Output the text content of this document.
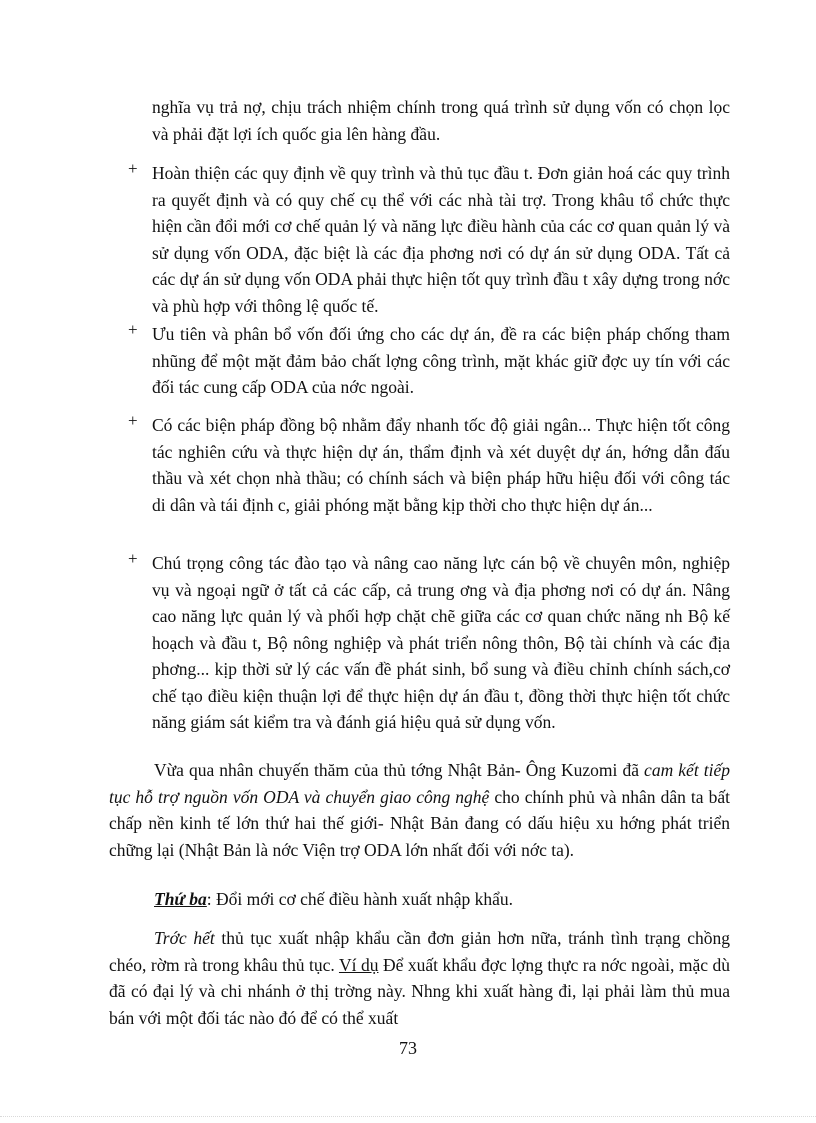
nghĩa vụ trả nợ, chịu trách nhiệm chính trong quá trình sử dụng vốn có chọn lọc và phải đặt lợi ích quốc gia lên hàng đầu.
+ Hoàn thiện các quy định về quy trình và thủ tục đầu t. Đơn giản hoá các quy trình ra quyết định và có quy chế cụ thể với các nhà tài trợ. Trong khâu tổ chức thực hiện cần đổi mới cơ chế quản lý và năng lực điều hành của các cơ quan quản lý và sử dụng vốn ODA, đặc biệt là các địa phơng nơi có dự án sử dụng ODA. Tất cả các dự án sử dụng vốn ODA phải thực hiện tốt quy trình đầu t xây dựng trong nớc và phù hợp với thông lệ quốc tế.
+ Ưu tiên và phân bổ vốn đối ứng cho các dự án, đề ra các biện pháp chống tham nhũng để một mặt đảm bảo chất lợng công trình, mặt khác giữ đợc uy tín với các đối tác cung cấp ODA của nớc ngoài.
+ Có các biện pháp đồng bộ nhằm đẩy nhanh tốc độ giải ngân... Thực hiện tốt công tác nghiên cứu và thực hiện dự án, thẩm định và xét duyệt dự án, hớng dẫn đấu thầu và xét chọn nhà thầu; có chính sách và biện pháp hữu hiệu đối với công tác di dân và tái định c, giải phóng mặt bằng kịp thời cho thực hiện dự án...
+ Chú trọng công tác đào tạo và nâng cao năng lực cán bộ về chuyên môn, nghiệp vụ và ngoại ngữ ở tất cả các cấp, cả trung ơng và địa phơng nơi có dự án. Nâng cao năng lực quản lý và phối hợp chặt chẽ giữa các cơ quan chức năng nh Bộ kế hoạch và đầu t, Bộ nông nghiệp và phát triển nông thôn, Bộ tài chính và các địa phơng... kịp thời sử lý các vấn đề phát sinh, bổ sung và điều chỉnh chính sách,cơ chế tạo điều kiện thuận lợi để thực hiện dự án đầu t, đồng thời thực hiện tốt chức năng giám sát kiểm tra và đánh giá hiệu quả sử dụng vốn.
Vừa qua nhân chuyến thăm của thủ tớng Nhật Bản- Ông Kuzomi đã cam kết tiếp tục hỗ trợ nguồn vốn ODA và chuyển giao công nghệ cho chính phủ và nhân dân ta bất chấp nền kinh tế lớn thứ hai thế giới- Nhật Bản đang có dấu hiệu xu hớng phát triển chững lại (Nhật Bản là nớc Viện trợ ODA lớn nhất đối với nớc ta).
Thứ ba: Đổi mới cơ chế điều hành xuất nhập khẩu.
Trớc hết thủ tục xuất nhập khẩu cần đơn giản hơn nữa, tránh tình trạng chồng chéo, rờm rà trong khâu thủ tục. Ví dụ Để xuất khẩu đợc lợng thực ra nớc ngoài, mặc dù đã có đại lý và chi nhánh ở thị trờng này. Nhng khi xuất hàng đi, lại phải làm thủ mua bán với một đối tác nào đó để có thể xuất
73
